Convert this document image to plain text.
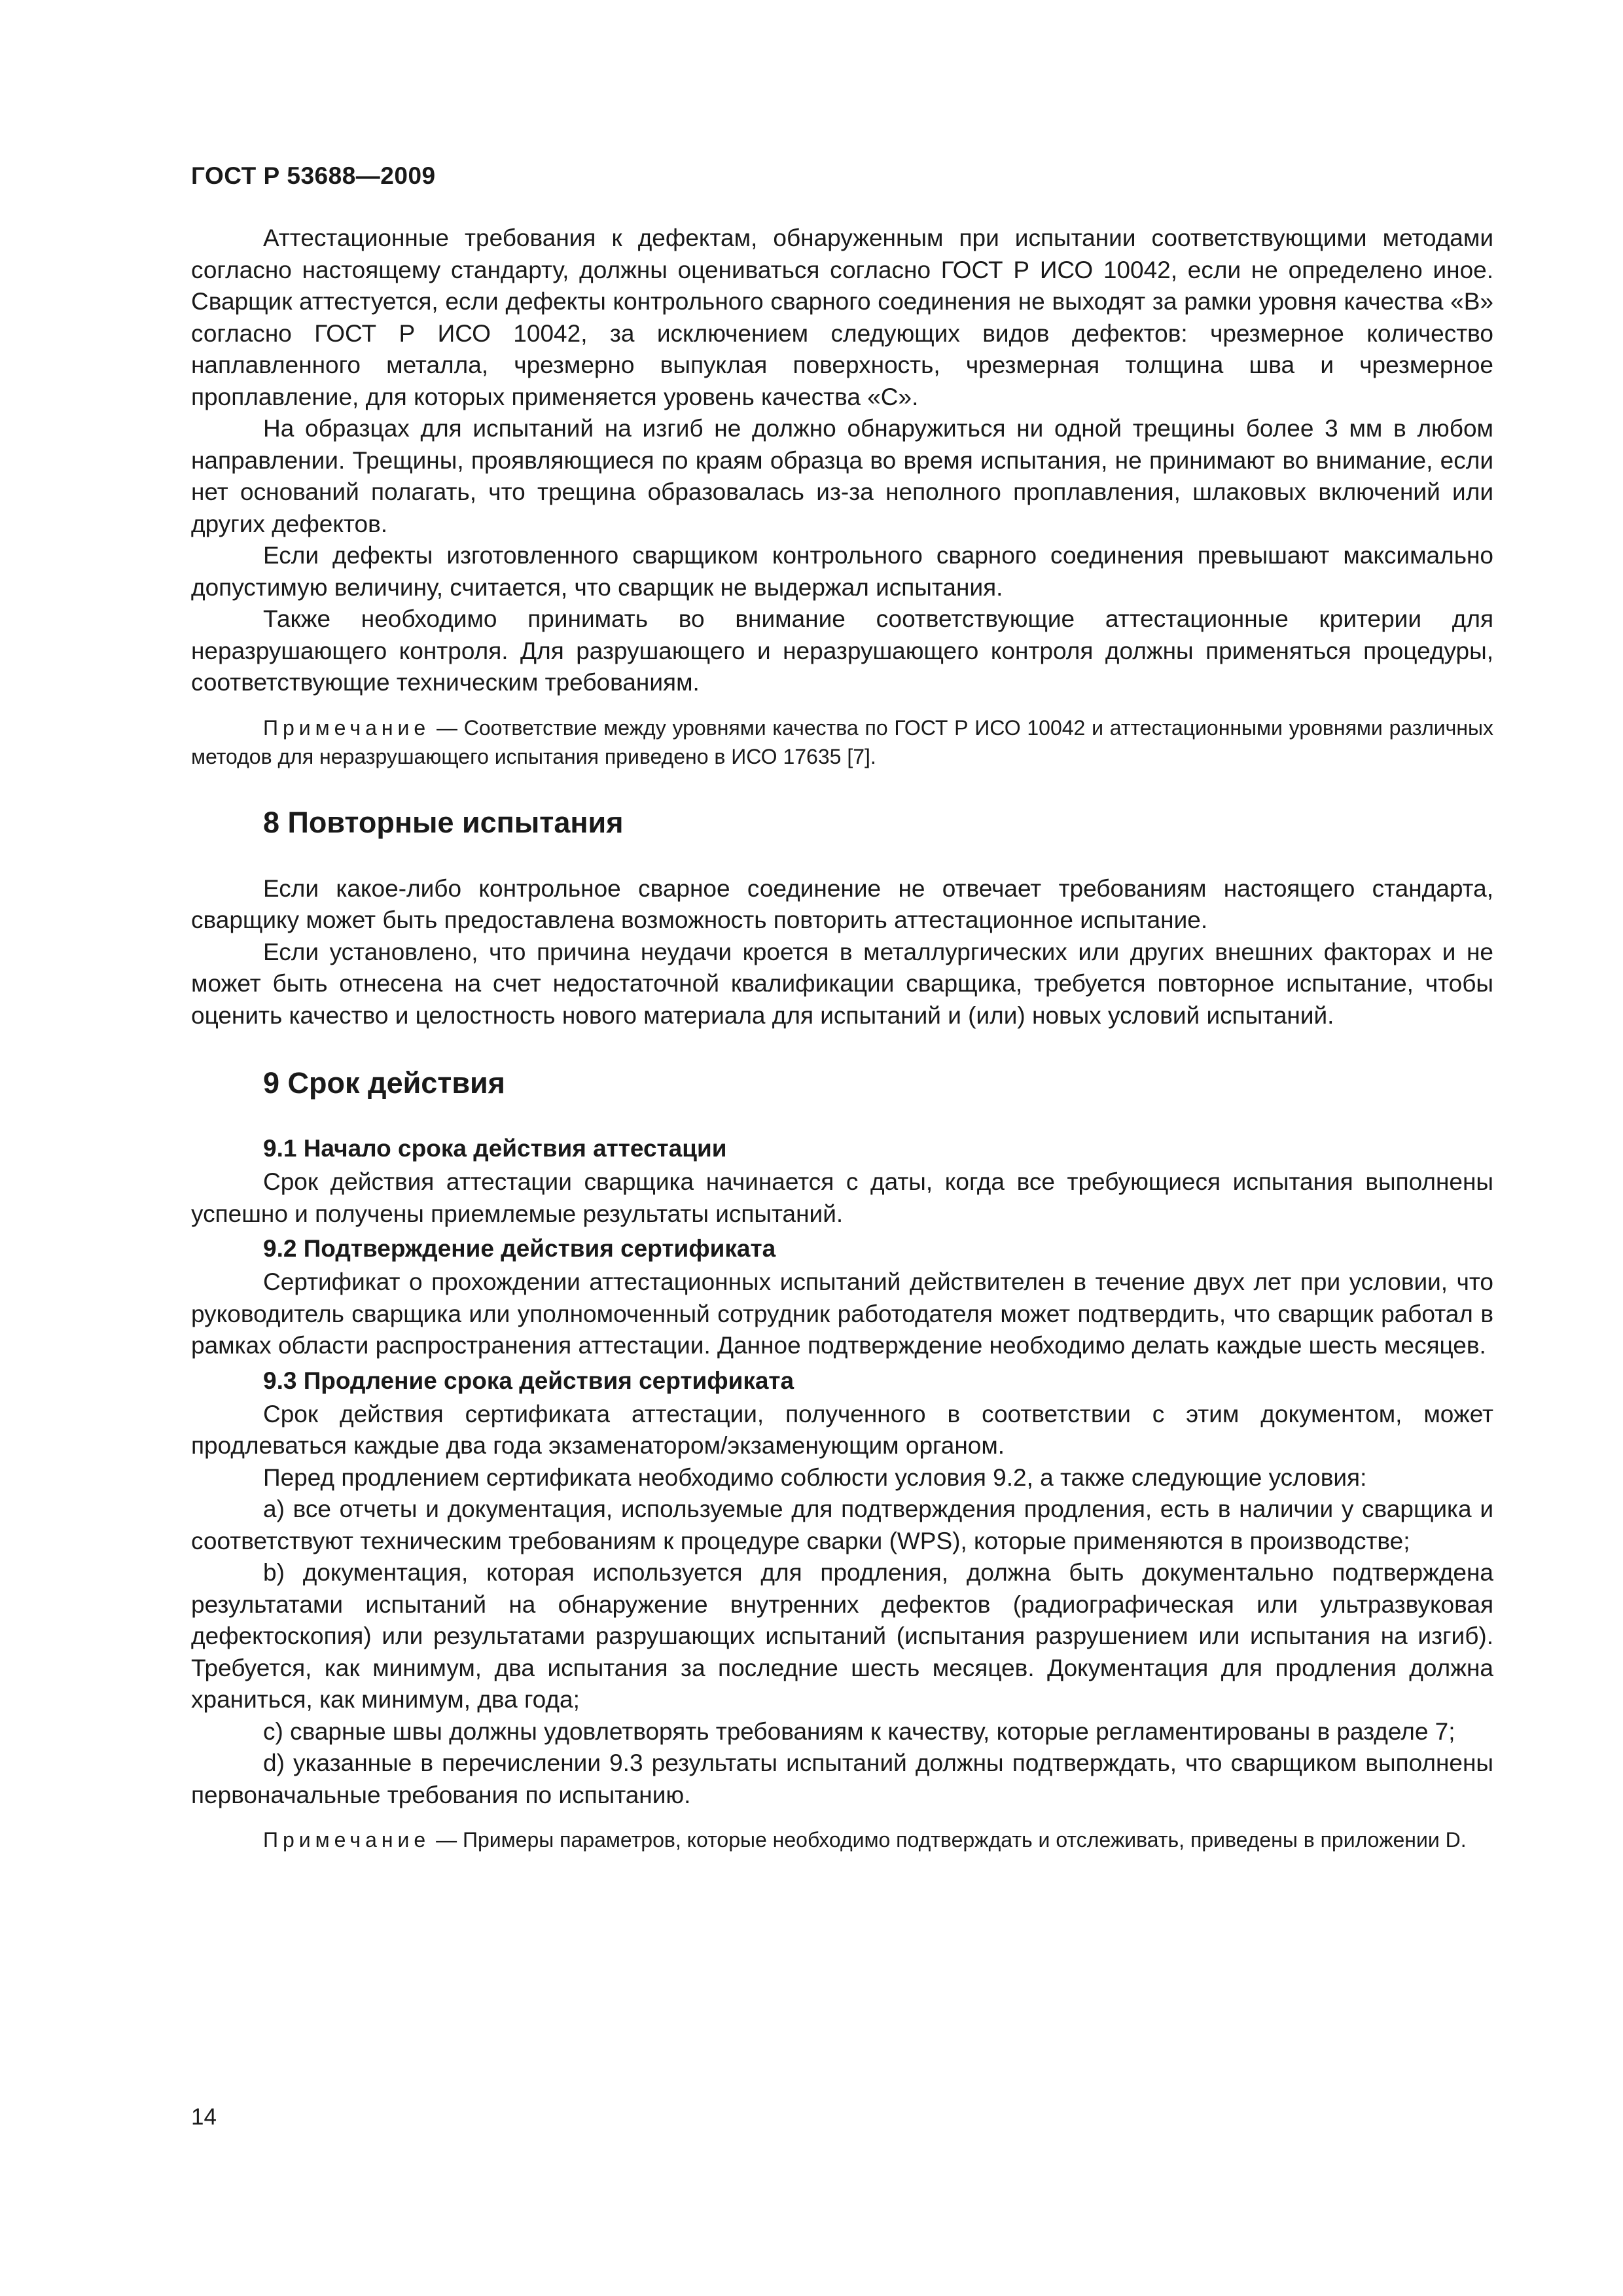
ГОСТ Р 53688—2009

Аттестационные требования к дефектам, обнаруженным при испытании соответствующими методами согласно настоящему стандарту, должны оцениваться согласно ГОСТ Р ИСО 10042, если не определено иное. Сварщик аттестуется, если дефекты контрольного сварного соединения не выходят за рамки уровня качества «В» согласно ГОСТ Р ИСО 10042, за исключением следующих видов дефектов: чрезмерное количество наплавленного металла, чрезмерно выпуклая поверхность, чрезмерная толщина шва и чрезмерное проплавление, для которых применяется уровень качества «С».

На образцах для испытаний на изгиб не должно обнаружиться ни одной трещины более 3 мм в любом направлении. Трещины, проявляющиеся по краям образца во время испытания, не принимают во внимание, если нет оснований полагать, что трещина образовалась из-за неполного проплавления, шлаковых включений или других дефектов.

Если дефекты изготовленного сварщиком контрольного сварного соединения превышают максимально допустимую величину, считается, что сварщик не выдержал испытания.

Также необходимо принимать во внимание соответствующие аттестационные критерии для неразрушающего контроля. Для разрушающего и неразрушающего контроля должны применяться процедуры, соответствующие техническим требованиям.

Примечание — Соответствие между уровнями качества по ГОСТ Р ИСО 10042 и аттестационными уровнями различных методов для неразрушающего испытания приведено в ИСО 17635 [7].

8 Повторные испытания

Если какое-либо контрольное сварное соединение не отвечает требованиям настоящего стандарта, сварщику может быть предоставлена возможность повторить аттестационное испытание.

Если установлено, что причина неудачи кроется в металлургических или других внешних факторах и не может быть отнесена на счет недостаточной квалификации сварщика, требуется повторное испытание, чтобы оценить качество и целостность нового материала для испытаний и (или) новых условий испытаний.

9 Срок действия
9.1 Начало срока действия аттестации

Срок действия аттестации сварщика начинается с даты, когда все требующиеся испытания выполнены успешно и получены приемлемые результаты испытаний.

9.2 Подтверждение действия сертификата

Сертификат о прохождении аттестационных испытаний действителен в течение двух лет при условии, что руководитель сварщика или уполномоченный сотрудник работодателя может подтвердить, что сварщик работал в рамках области распространения аттестации. Данное подтверждение необходимо делать каждые шесть месяцев.

9.3 Продление срока действия сертификата

Срок действия сертификата аттестации, полученного в соответствии с этим документом, может продлеваться каждые два года экзаменатором/экзаменующим органом.

Перед продлением сертификата необходимо соблюсти условия 9.2, а также следующие условия:

a) все отчеты и документация, используемые для подтверждения продления, есть в наличии у сварщика и соответствуют техническим требованиям к процедуре сварки (WPS), которые применяются в производстве;

b) документация, которая используется для продления, должна быть документально подтверждена результатами испытаний на обнаружение внутренних дефектов (радиографическая или ультразвуковая дефектоскопия) или результатами разрушающих испытаний (испытания разрушением или испытания на изгиб). Требуется, как минимум, два испытания за последние шесть месяцев. Документация для продления должна храниться, как минимум, два года;

c) сварные швы должны удовлетворять требованиям к качеству, которые регламентированы в разделе 7;

d) указанные в перечислении 9.3 результаты испытаний должны подтверждать, что сварщиком выполнены первоначальные требования по испытанию.

Примечание — Примеры параметров, которые необходимо подтверждать и отслеживать, приведены в приложении D.

14
